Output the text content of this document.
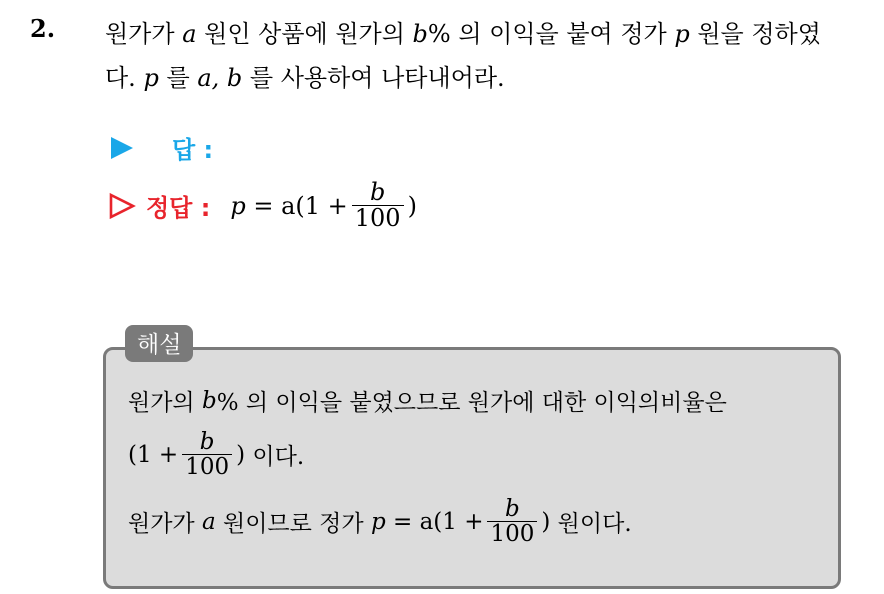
2. 원가가 a 원인 상품에 원가의 b% 의 이익을 붙여 정가 p 원을 정하였
다. p 를 a, b 를 사용하여 나타내어라.
답 :
정답 : p
= $a(1 + \frac{b}{100}$ )
해설
원가의
b % 의 이익을 붙였으므로 원가에 대한 이익의비율은
($1 + \frac{b}{100}$ )
이다.
원가가
a
원이므로 정가
p
= $a(1 + \frac{b}{100}$ )
원이다.
